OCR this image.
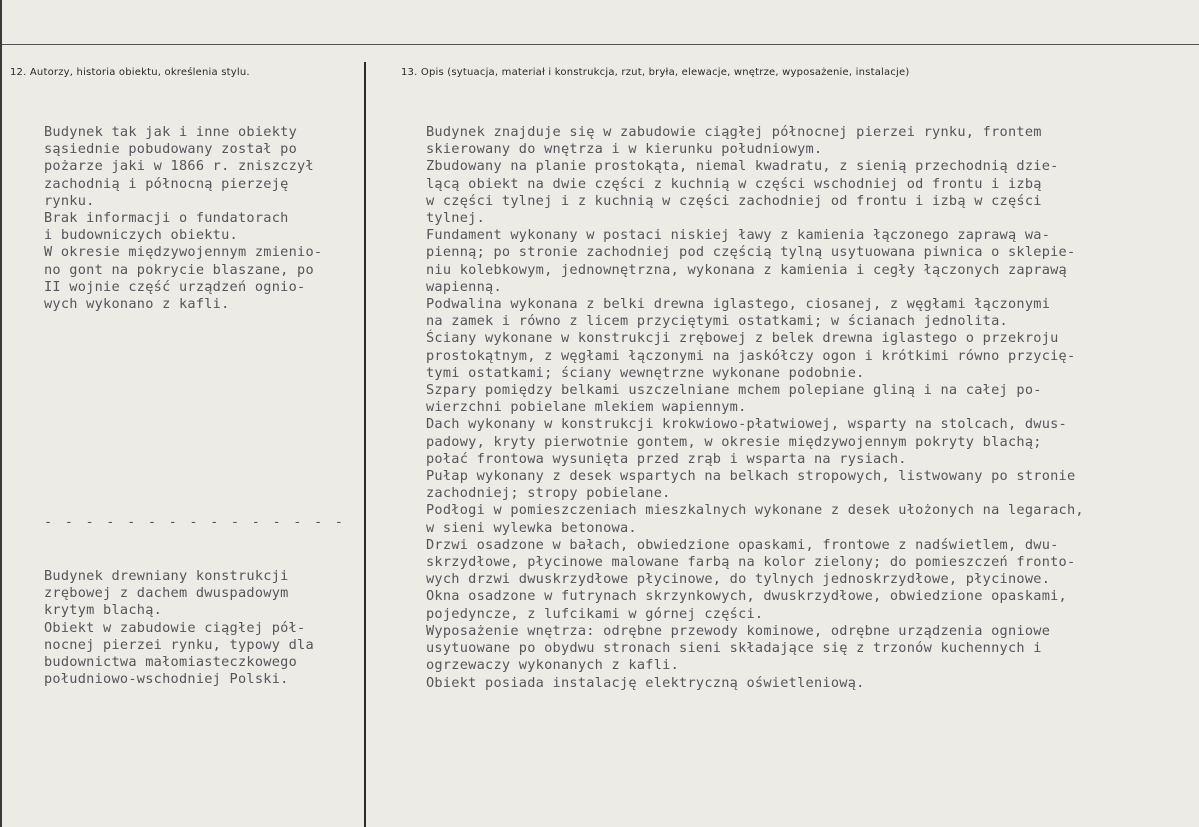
12. Autorzy, historia obiektu, określenia stylu.	13. Opis (sytuacja, materiał i konstrukcja, rzut, bryła, elewacje, wnętrze, wyposażenie, instalacje)
Budynek tak jak i inne obiekty
sąsiednie pobudowany został po
pożarze jaki w 1866 r. zniszczył
zachodnią i północną pierzeję
rynku.
Brak informacji o fundatorach
i budowniczych obiektu.
W okresie międzywojennym zmienio-
no gont na pokrycie blaszane, po
II wojnie część urządzeń ognio-
wych wykonano z kafli.
- - - - - - - - - - - - - - -
Budynek drewniany konstrukcji
zrębowej z dachem dwuspadowym
krytym blachą.
Obiekt w zabudowie ciągłej pół-
nocnej pierzei rynku, typowy dla
budownictwa małomiasteczkowego
południowo-wschodniej Polski.
Budynek znajduje się w zabudowie ciągłej północnej pierzei rynku, frontem
skierowany do wnętrza i w kierunku południowym.
Zbudowany na planie prostokąta, niemal kwadratu, z sienią przechodnią dzie-
lącą obiekt na dwie części z kuchnią w części wschodniej od frontu i izbą
w części tylnej i z kuchnią w części zachodniej od frontu i izbą w części
tylnej.
Fundament wykonany w postaci niskiej ławy z kamienia łączonego zaprawą wa-
pienną; po stronie zachodniej pod częścią tylną usytuowana piwnica o sklepie-
niu kolebkowym, jednownętrzna, wykonana z kamienia i cegły łączonych zaprawą
wapienną.
Podwalina wykonana z belki drewna iglastego, ciosanej, z węgłami łączonymi
na zamek i równo z licem przyciętymi ostatkami; w ścianach jednolita.
Ściany wykonane w konstrukcji zrębowej z belek drewna iglastego o przekroju
prostokątnym, z węgłami łączonymi na jaskółczy ogon i krótkimi równo przycię-
tymi ostatkami; ściany wewnętrzne wykonane podobnie.
Szpary pomiędzy belkami uszczelniane mchem polepiane gliną i na całej po-
wierzchni pobielane mlekiem wapiennym.
Dach wykonany w konstrukcji krokwiowo-płatwiowej, wsparty na stolcach, dwus-
padowy, kryty pierwotnie gontem, w okresie międzywojennym pokryty blachą;
połać frontowa wysunięta przed zrąb i wsparta na rysiach.
Pułap wykonany z desek wspartych na belkach stropowych, listwowany po stronie
zachodniej; stropy pobielane.
Podłogi w pomieszczeniach mieszkalnych wykonane z desek ułożonych na legarach,
w sieni wylewka betonowa.
Drzwi osadzone w bałach, obwiedzione opaskami, frontowe z nadświetlem, dwu-
skrzydłowe, płycinowe malowane farbą na kolor zielony; do pomieszczeń fronto-
wych drzwi dwuskrzydłowe płycinowe, do tylnych jednoskrzydłowe, płycinowe.
Okna osadzone w futrynach skrzynkowych, dwuskrzydłowe, obwiedzione opaskami,
pojedyncze, z lufcikami w górnej części.
Wyposażenie wnętrza: odrębne przewody kominowe, odrębne urządzenia ogniowe
usytuowane po obydwu stronach sieni składające się z trzonów kuchennych i
ogrzewaczy wykonanych z kafli.
Obiekt posiada instalację elektryczną oświetleniową.
